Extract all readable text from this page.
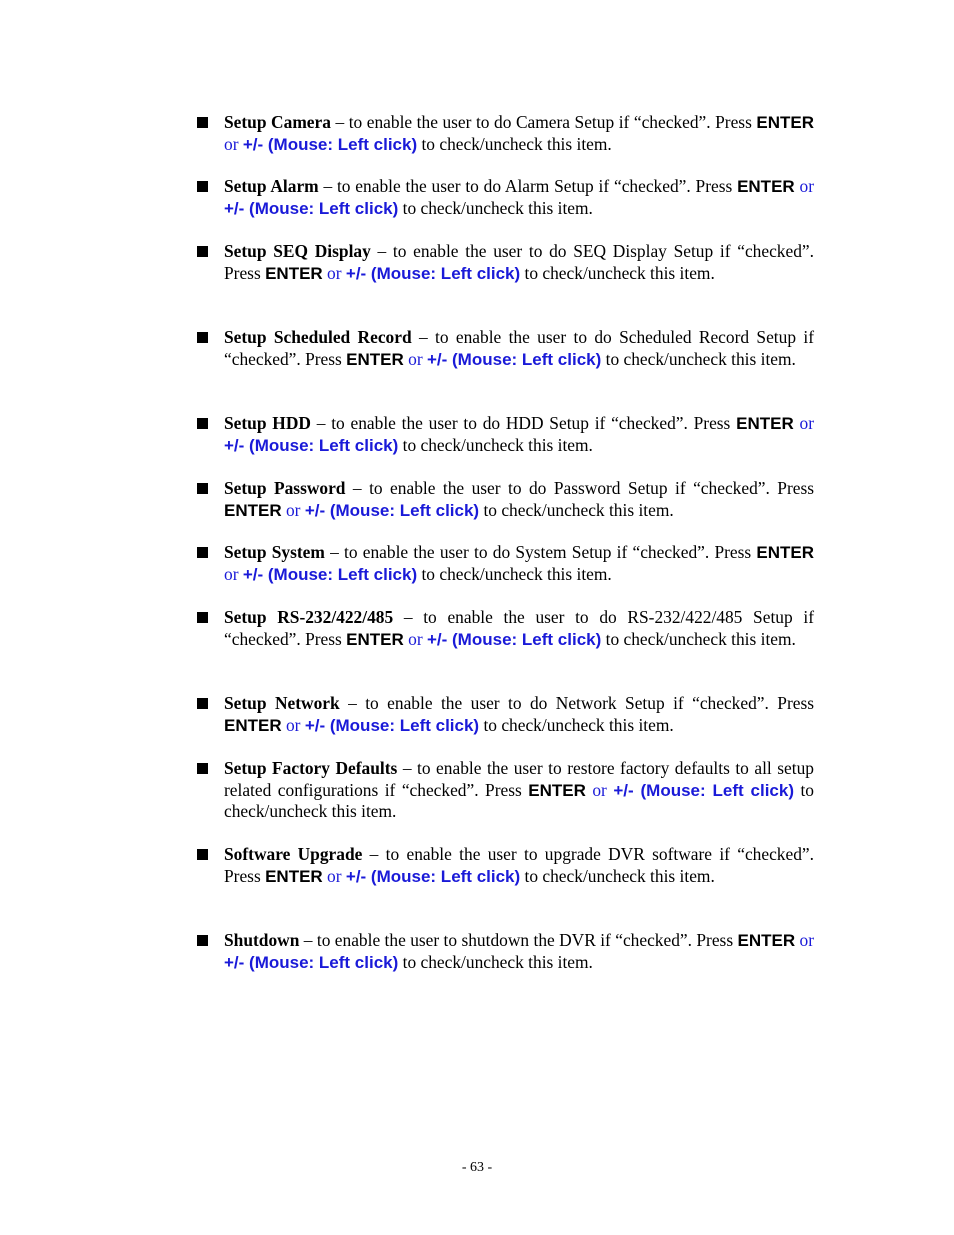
Setup Camera – to enable the user to do Camera Setup if “checked”. Press ENTER or +/- (Mouse: Left click) to check/uncheck this item.
Setup Alarm – to enable the user to do Alarm Setup if “checked”. Press ENTER or +/- (Mouse: Left click) to check/uncheck this item.
Setup SEQ Display – to enable the user to do SEQ Display Setup if “checked”. Press ENTER or +/- (Mouse: Left click) to check/uncheck this item.
Setup Scheduled Record – to enable the user to do Scheduled Record Setup if “checked”. Press ENTER or +/- (Mouse: Left click) to check/uncheck this item.
Setup HDD – to enable the user to do HDD Setup if “checked”. Press ENTER or +/- (Mouse: Left click) to check/uncheck this item.
Setup Password – to enable the user to do Password Setup if “checked”. Press ENTER or +/- (Mouse: Left click) to check/uncheck this item.
Setup System – to enable the user to do System Setup if “checked”. Press ENTER or +/- (Mouse: Left click) to check/uncheck this item.
Setup RS-232/422/485 – to enable the user to do RS-232/422/485 Setup if “checked”. Press ENTER or +/- (Mouse: Left click) to check/uncheck this item.
Setup Network – to enable the user to do Network Setup if “checked”. Press ENTER or +/- (Mouse: Left click) to check/uncheck this item.
Setup Factory Defaults – to enable the user to restore factory defaults to all setup related configurations if “checked”. Press ENTER or +/- (Mouse: Left click) to check/uncheck this item.
Software Upgrade – to enable the user to upgrade DVR software if “checked”. Press ENTER or +/- (Mouse: Left click) to check/uncheck this item.
Shutdown – to enable the user to shutdown the DVR if “checked”. Press ENTER or +/- (Mouse: Left click) to check/uncheck this item.
- 63 -
